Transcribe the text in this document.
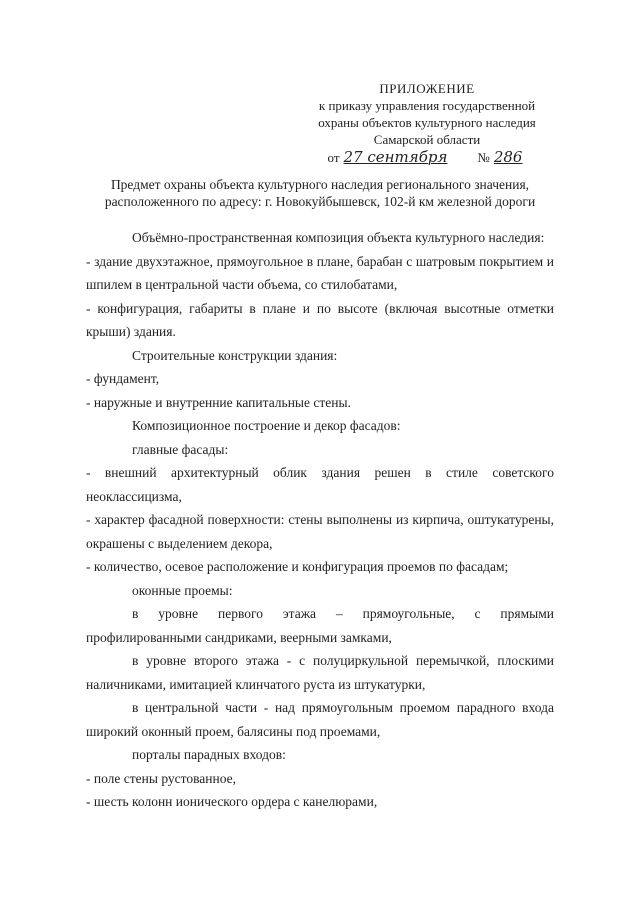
ПРИЛОЖЕНИЕ
к приказу управления государственной
охраны объектов культурного наследия
Самарской области
от 27 сентября	№ 286
Предмет охраны объекта культурного наследия регионального значения,
расположенного по адресу: г. Новокуйбышевск, 102-й км железной дороги

Объёмно-пространственная композиция объекта культурного наследия:

- здание двухэтажное, прямоугольное в плане, барабан с шатровым покрытием и шпилем в центральной части объема, со стилобатами,

- конфигурация, габариты в плане и по высоте (включая высотные отметки крыши) здания.

Строительные конструкции здания:

- фундамент,

- наружные и внутренние капитальные стены.

Композиционное построение и декор фасадов:

главные фасады:

- внешний архитектурный облик здания решен в стиле советского неоклассицизма,

- характер фасадной поверхности: стены выполнены из кирпича, оштукатурены, окрашены с выделением декора,

- количество, осевое расположение и конфигурация проемов по фасадам;

оконные проемы:

в уровне первого этажа – прямоугольные, с прямыми профилированными сандриками, веерными замками,

в уровне второго этажа - с полуциркульной перемычкой, плоскими наличниками, имитацией клинчатого руста из штукатурки,

в центральной части - над прямоугольным проемом парадного входа широкий оконный проем, балясины под проемами,

порталы парадных входов:

- поле стены рустованное,

- шесть колонн ионического ордера с канелюрами,
